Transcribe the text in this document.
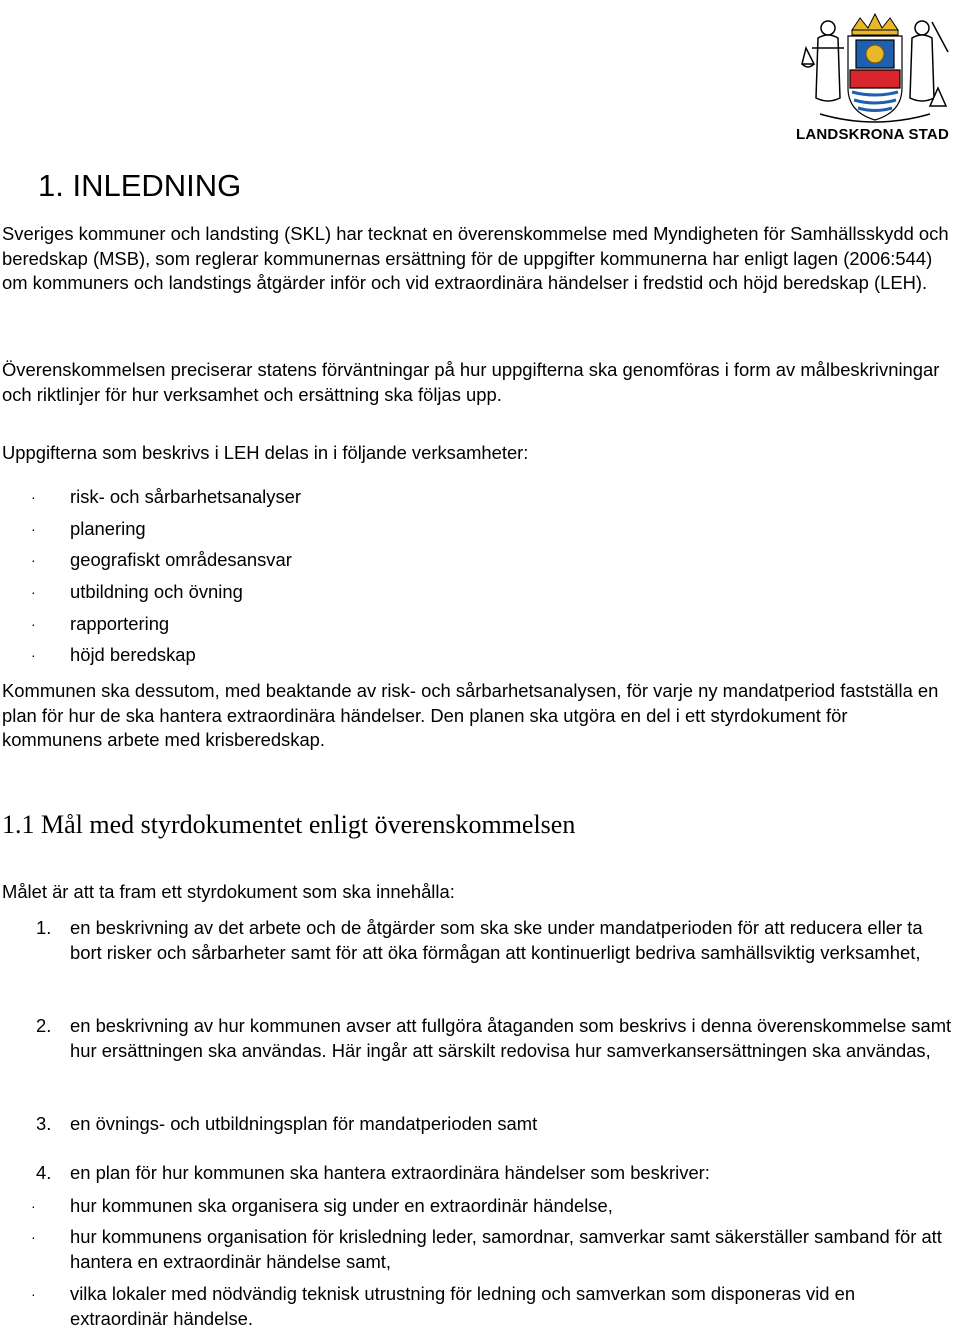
LANDSKRONA STAD
1. INLEDNING

Sveriges kommuner och landsting (SKL) har tecknat en överenskommelse med Myndigheten för Samhällsskydd och beredskap (MSB), som reglerar kommunernas ersättning för de uppgifter kommunerna har enligt lagen (2006:544) om kommuners och landstings åtgärder inför och vid extraordinära händelser i fredstid och höjd beredskap (LEH).

Överenskommelsen preciserar statens förväntningar på hur uppgifterna ska genomföras i form av målbeskrivningar och riktlinjer för hur verksamhet och ersättning ska följas upp.

Uppgifterna som beskrivs i LEH delas in i följande verksamheter:

· risk- och sårbarhetsanalyser
· planering
· geografiskt områdesansvar
· utbildning och övning
· rapportering
· höjd beredskap

Kommunen ska dessutom, med beaktande av risk- och sårbarhetsanalysen, för varje ny mandatperiod fastställa en plan för hur de ska hantera extraordinära händelser. Den planen ska utgöra en del i ett styrdokument för kommunens arbete med krisberedskap.

1.1 Mål med styrdokumentet enligt överenskommelsen

Målet är att ta fram ett styrdokument som ska innehålla:

1. en beskrivning av det arbete och de åtgärder som ska ske under mandatperioden för att reducera eller ta bort risker och sårbarheter samt för att öka förmågan att kontinuerligt bedriva samhällsviktig verksamhet,
2. en beskrivning av hur kommunen avser att fullgöra åtaganden som beskrivs i denna överenskommelse samt hur ersättningen ska användas. Här ingår att särskilt redovisa hur samverkansersättningen ska användas,
3. en övnings- och utbildningsplan för mandatperioden samt
4. en plan för hur kommunen ska hantera extraordinära händelser som beskriver:
· hur kommunen ska organisera sig under en extraordinär händelse,
· hur kommunens organisation för krisledning leder, samordnar, samverkar samt säkerställer samband för att hantera en extraordinär händelse samt,
· vilka lokaler med nödvändig teknisk utrustning för ledning och samverkan som disponeras vid en extraordinär händelse.
